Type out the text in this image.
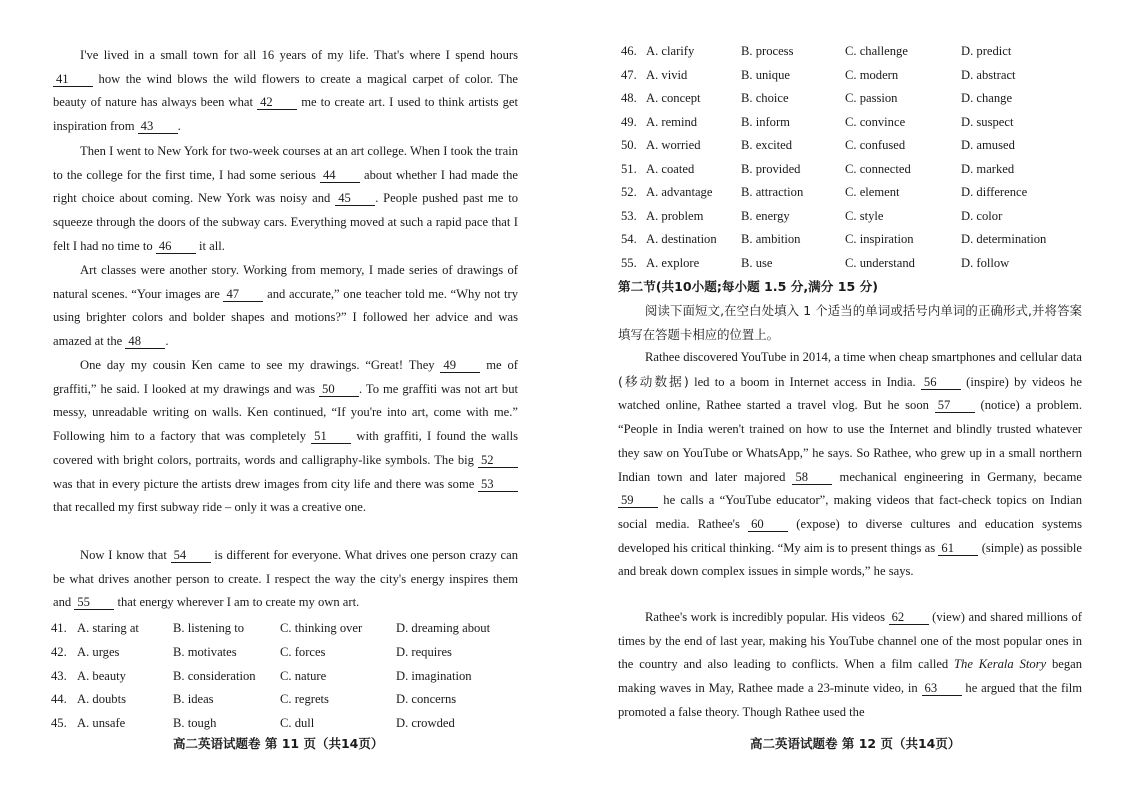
I've lived in a small town for all 16 years of my life. That's where I spend hours 41 how the wind blows the wild flowers to create a magical carpet of color. The beauty of nature has always been what 42 me to create art. I used to think artists get inspiration from 43 .

Then I went to New York for two-week courses at an art college. When I took the train to the college for the first time, I had some serious 44 about whether I had made the right choice about coming. New York was noisy and 45 . People pushed past me to squeeze through the doors of the subway cars. Everything moved at such a rapid pace that I felt I had no time to 46 it all.

Art classes were another story. Working from memory, I made series of drawings of natural scenes. “Your images are 47 and accurate,” one teacher told me. “Why not try using brighter colors and bolder shapes and motions?” I followed her advice and was amazed at the 48 .

One day my cousin Ken came to see my drawings. “Great! They 49 me of graffiti,” he said. I looked at my drawings and was 50 . To me graffiti was not art but messy, unreadable writing on walls. Ken continued, “If you're into art, come with me.” Following him to a factory that was completely 51 with graffiti, I found the walls covered with bright colors, portraits, words and calligraphy-like symbols. The big 52 was that in every picture the artists drew images from city life and there was some 53 that recalled my first subway ride – only it was a creative one.

Now I know that 54 is different for everyone. What drives one person crazy can be what drives another person to create. I respect the way the city's energy inspires them and 55 that energy wherever I am to create my own art.

41. A. staring at	B. listening to	C. thinking over	D. dreaming about
42. A. urges	B. motivates	C. forces	D. requires
43. A. beauty	B. consideration C. nature	D. imagination
44. A. doubts	B. ideas	C. regrets	D. concerns
45. A. unsafe	B. tough	C. dull	D. crowded
高二英语试题卷 第 11 页（共14页）
46. A. clarify	B. process	C. challenge	D. predict
47. A. vivid	B. unique	C. modern	D. abstract
48. A. concept	B. choice	C. passion	D. change
49. A. remind	B. inform	C. convince	D. suspect
50. A. worried	B. excited	C. confused	D. amused
51. A. coated	B. provided	C. connected	D. marked
52. A. advantage B. attraction	C. element	D. difference
53. A. problem	B. energy	C. style	D. color
54. A. destination B. ambition	C. inspiration	D. determination
55. A. explore	B. use	C. understand	D. follow

第二节(共10小题;每小题 1.5 分,满分 15 分)

阅读下面短文,在空白处填入 1 个适当的单词或括号内单词的正确形式,并将答案填写在答题卡相应的位置上。

Rathee discovered YouTube in 2014, a time when cheap smartphones and cellular data (移动数据) led to a boom in Internet access in India. 56 (inspire) by videos he watched online, Rathee started a travel vlog. But he soon 57 (notice) a problem. “People in India weren't trained on how to use the Internet and blindly trusted whatever they saw on YouTube or WhatsApp,” he says. So Rathee, who grew up in a small northern Indian town and later majored 58 mechanical engineering in Germany, became 59 he calls a “YouTube educator”, making videos that fact-check topics on Indian social media. Rathee's 60	(expose) to diverse cultures and education systems developed his critical thinking. “My aim is to present things as 61 (simple) as possible and break down complex issues in simple words,” he says.

Rathee's work is incredibly popular. His videos 62 (view) and shared millions of times by the end of last year, making his YouTube channel one of the most popular ones in the country and also leading to conflicts. When a film called The Kerala Story began making waves in May, Rathee made a 23-minute video, in 63 he argued that the film promoted a false theory. Though Rathee used the

高二英语试题卷 第 12 页（共14页）
